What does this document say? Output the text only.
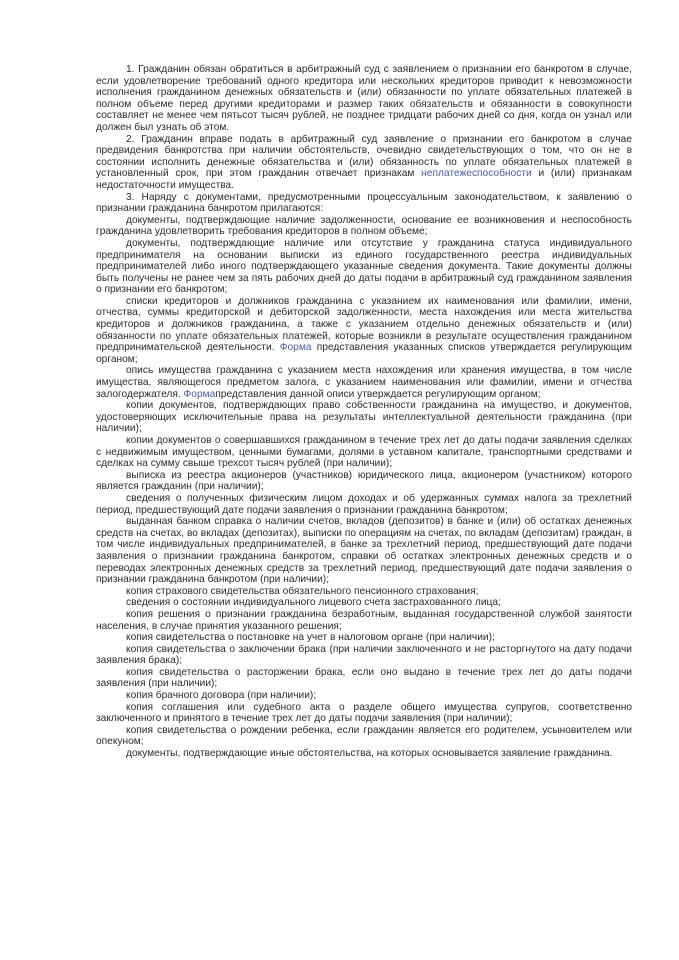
1. Гражданин обязан обратиться в арбитражный суд с заявлением о признании его банкротом в случае, если удовлетворение требований одного кредитора или нескольких кредиторов приводит к невозможности исполнения гражданином денежных обязательств и (или) обязанности по уплате обязательных платежей в полном объеме перед другими кредиторами и размер таких обязательств и обязанности в совокупности составляет не менее чем пятьсот тысяч рублей, не позднее тридцати рабочих дней со дня, когда он узнал или должен был узнать об этом.

2. Гражданин вправе подать в арбитражный суд заявление о признании его банкротом в случае предвидения банкротства при наличии обстоятельств, очевидно свидетельствующих о том, что он не в состоянии исполнить денежные обязательства и (или) обязанность по уплате обязательных платежей в установленный срок, при этом гражданин отвечает признакам неплатежеспособности и (или) признакам недостаточности имущества.

3. Наряду с документами, предусмотренными процессуальным законодательством, к заявлению о признании гражданина банкротом прилагаются:

документы, подтверждающие наличие задолженности, основание ее возникновения и неспособность гражданина удовлетворить требования кредиторов в полном объеме;

документы, подтверждающие наличие или отсутствие у гражданина статуса индивидуального предпринимателя на основании выписки из единого государственного реестра индивидуальных предпринимателей либо иного подтверждающего указанные сведения документа. Такие документы должны быть получены не ранее чем за пять рабочих дней до даты подачи в арбитражный суд гражданином заявления о признании его банкротом;

списки кредиторов и должников гражданина с указанием их наименования или фамилии, имени, отчества, суммы кредиторской и дебиторской задолженности, места нахождения или места жительства кредиторов и должников гражданина, а также с указанием отдельно денежных обязательств и (или) обязанности по уплате обязательных платежей, которые возникли в результате осуществления гражданином предпринимательской деятельности. Форма представления указанных списков утверждается регулирующим органом;

опись имущества гражданина с указанием места нахождения или хранения имущества, в том числе имущества, являющегося предметом залога, с указанием наименования или фамилии, имени и отчества залогодержателя. Формапредставления данной описи утверждается регулирующим органом;

копии документов, подтверждающих право собственности гражданина на имущество, и документов, удостоверяющих исключительные права на результаты интеллектуальной деятельности гражданина (при наличии);

копии документов о совершавшихся гражданином в течение трех лет до даты подачи заявления сделках с недвижимым имуществом, ценными бумагами, долями в уставном капитале, транспортными средствами и сделках на сумму свыше трехсот тысяч рублей (при наличии);

выписка из реестра акционеров (участников) юридического лица, акционером (участником) которого является гражданин (при наличии);

сведения о полученных физическим лицом доходах и об удержанных суммах налога за трехлетний период, предшествующий дате подачи заявления о признании гражданина банкротом;

выданная банком справка о наличии счетов, вкладов (депозитов) в банке и (или) об остатках денежных средств на счетах, во вкладах (депозитах), выписки по операциям на счетах, по вкладам (депозитам) граждан, в том числе индивидуальных предпринимателей, в банке за трехлетний период, предшествующий дате подачи заявления о признании гражданина банкротом, справки об остатках электронных денежных средств и о переводах электронных денежных средств за трехлетний период, предшествующий дате подачи заявления о признании гражданина банкротом (при наличии);

копия страхового свидетельства обязательного пенсионного страхования;

сведения о состоянии индивидуального лицевого счета застрахованного лица;

копия решения о признании гражданина безработным, выданная государственной службой занятости населения, в случае принятия указанного решения;

копия свидетельства о постановке на учет в налоговом органе (при наличии);

копия свидетельства о заключении брака (при наличии заключенного и не расторгнутого на дату подачи заявления брака);

копия свидетельства о расторжении брака, если оно выдано в течение трех лет до даты подачи заявления (при наличии);

копия брачного договора (при наличии);

копия соглашения или судебного акта о разделе общего имущества супругов, соответственно заключенного и принятого в течение трех лет до даты подачи заявления (при наличии);

копия свидетельства о рождении ребенка, если гражданин является его родителем, усыновителем или опекуном;

документы, подтверждающие иные обстоятельства, на которых основывается заявление гражданина.
